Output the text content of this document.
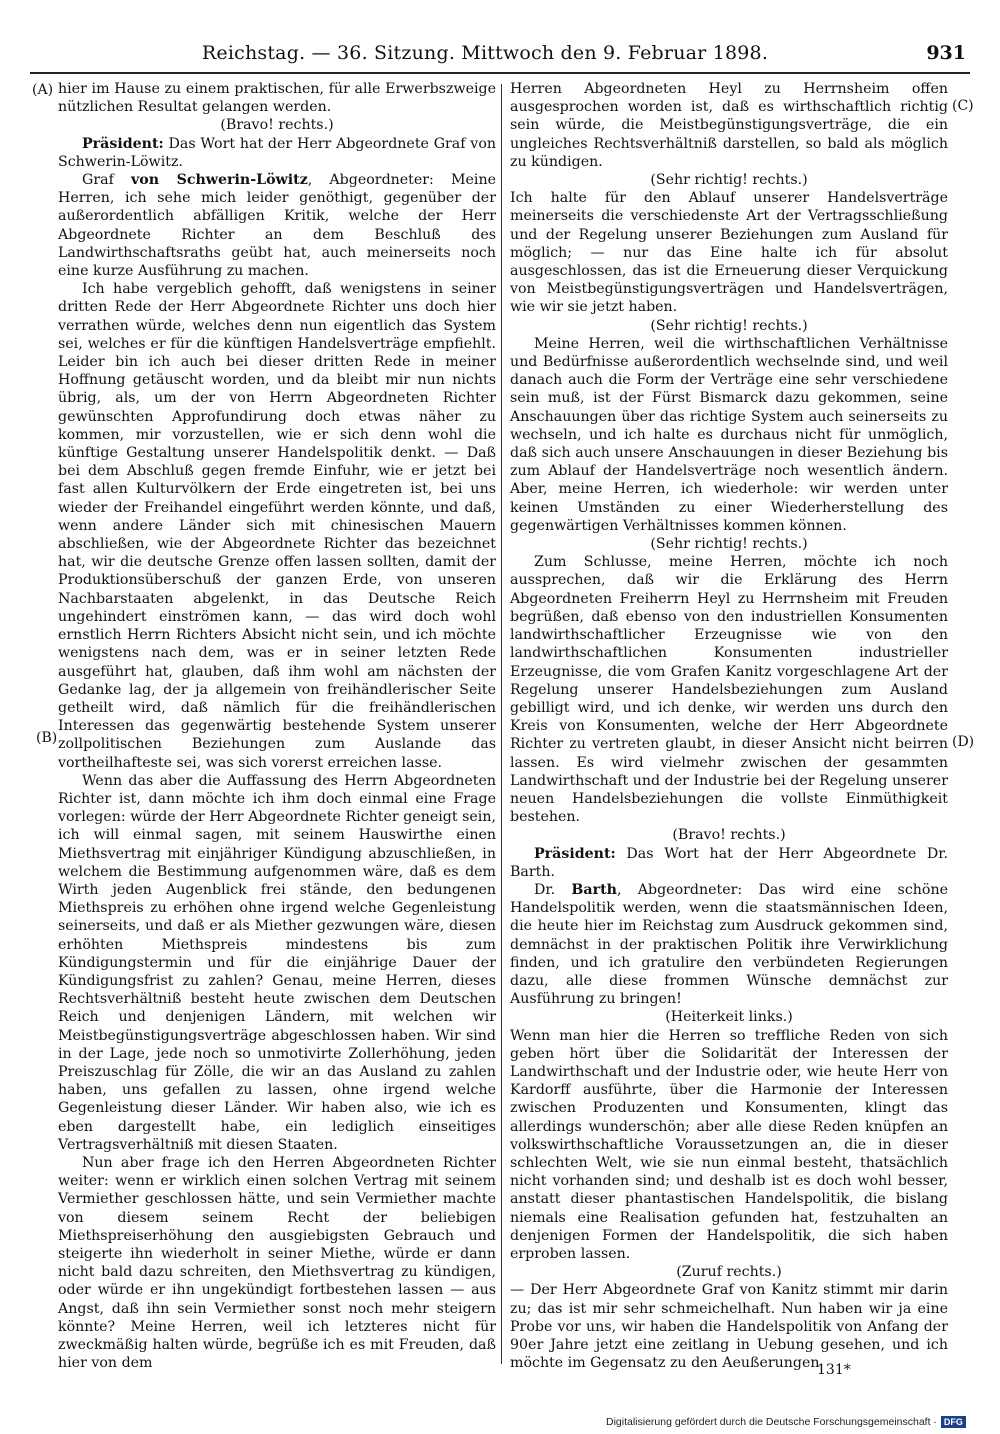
Reichstag. — 36. Sitzung. Mittwoch den 9. Februar 1898.	931
(A)
(B)
(C)
(D)

hier im Hause zu einem praktischen, für alle Erwerbszweige nützlichen Resultat gelangen werden.

(Bravo! rechts.)

Präsident: Das Wort hat der Herr Abgeordnete Graf von Schwerin-Löwitz.

Graf von Schwerin-Löwitz, Abgeordneter: Meine Herren, ich sehe mich leider genöthigt, gegenüber der außerordentlich abfälligen Kritik, welche der Herr Abgeordnete Richter an dem Beschluß des Landwirthschaftsraths geübt hat, auch meinerseits noch eine kurze Ausführung zu machen.

Ich habe vergeblich gehofft, daß wenigstens in seiner dritten Rede der Herr Abgeordnete Richter uns doch hier verrathen würde, welches denn nun eigentlich das System sei, welches er für die künftigen Handelsverträge empfiehlt. Leider bin ich auch bei dieser dritten Rede in meiner Hoffnung getäuscht worden, und da bleibt mir nun nichts übrig, als, um der von Herrn Abgeordneten Richter gewünschten Approfundirung doch etwas näher zu kommen, mir vorzustellen, wie er sich denn wohl die künftige Gestaltung unserer Handelspolitik denkt. — Daß bei dem Abschluß gegen fremde Einfuhr, wie er jetzt bei fast allen Kulturvölkern der Erde eingetreten ist, bei uns wieder der Freihandel eingeführt werden könnte, und daß, wenn andere Länder sich mit chinesischen Mauern abschließen, wie der Abgeordnete Richter das bezeichnet hat, wir die deutsche Grenze offen lassen sollten, damit der Produktionsüberschuß der ganzen Erde, von unseren Nachbarstaaten abgelenkt, in das Deutsche Reich ungehindert einströmen kann, — das wird doch wohl ernstlich Herrn Richters Absicht nicht sein, und ich möchte wenigstens nach dem, was er in seiner letzten Rede ausgeführt hat, glauben, daß ihm wohl am nächsten der Gedanke lag, der ja allgemein von freihändlerischer Seite getheilt wird, daß nämlich für die freihändlerischen Interessen das gegenwärtig bestehende System unserer zollpolitischen Beziehungen zum Auslande das vortheilhafteste sei, was sich vorerst erreichen lasse.

Wenn das aber die Auffassung des Herrn Abgeordneten Richter ist, dann möchte ich ihm doch einmal eine Frage vorlegen: würde der Herr Abgeordnete Richter geneigt sein, ich will einmal sagen, mit seinem Hauswirthe einen Miethsvertrag mit einjähriger Kündigung abzuschließen, in welchem die Bestimmung aufgenommen wäre, daß es dem Wirth jeden Augenblick frei stände, den bedungenen Miethspreis zu erhöhen ohne irgend welche Gegenleistung seinerseits, und daß er als Miether gezwungen wäre, diesen erhöhten Miethspreis mindestens bis zum Kündigungstermin und für die einjährige Dauer der Kündigungsfrist zu zahlen? Genau, meine Herren, dieses Rechtsverhältniß besteht heute zwischen dem Deutschen Reich und denjenigen Ländern, mit welchen wir Meistbegünstigungsverträge abgeschlossen haben. Wir sind in der Lage, jede noch so unmotivirte Zollerhöhung, jeden Preiszuschlag für Zölle, die wir an das Ausland zu zahlen haben, uns gefallen zu lassen, ohne irgend welche Gegenleistung dieser Länder. Wir haben also, wie ich es eben dargestellt habe, ein lediglich einseitiges Vertragsverhältniß mit diesen Staaten.

Nun aber frage ich den Herren Abgeordneten Richter weiter: wenn er wirklich einen solchen Vertrag mit seinem Vermiether geschlossen hätte, und sein Vermiether machte von diesem seinem Recht der beliebigen Miethspreiserhöhung den ausgiebigsten Gebrauch und steigerte ihn wiederholt in seiner Miethe, würde er dann nicht bald dazu schreiten, den Miethsvertrag zu kündigen, oder würde er ihn ungekündigt fortbestehen lassen — aus Angst, daß ihn sein Vermiether sonst noch mehr steigern könnte? Meine Herren, weil ich letzteres nicht für zweckmäßig halten würde, begrüße ich es mit Freuden, daß hier von dem

Herren Abgeordneten Heyl zu Herrnsheim offen ausgesprochen worden ist, daß es wirthschaftlich richtig sein würde, die Meistbegünstigungsverträge, die ein ungleiches Rechtsverhältniß darstellen, so bald als möglich zu kündigen.

(Sehr richtig! rechts.)

Ich halte für den Ablauf unserer Handelsverträge meinerseits die verschiedenste Art der Vertragsschließung und der Regelung unserer Beziehungen zum Ausland für möglich; — nur das Eine halte ich für absolut ausgeschlossen, das ist die Erneuerung dieser Verquickung von Meistbegünstigungsverträgen und Handelsverträgen, wie wir sie jetzt haben.

(Sehr richtig! rechts.)

Meine Herren, weil die wirthschaftlichen Verhältnisse und Bedürfnisse außerordentlich wechselnde sind, und weil danach auch die Form der Verträge eine sehr verschiedene sein muß, ist der Fürst Bismarck dazu gekommen, seine Anschauungen über das richtige System auch seinerseits zu wechseln, und ich halte es durchaus nicht für unmöglich, daß sich auch unsere Anschauungen in dieser Beziehung bis zum Ablauf der Handelsverträge noch wesentlich ändern. Aber, meine Herren, ich wiederhole: wir werden unter keinen Umständen zu einer Wiederherstellung des gegenwärtigen Verhältnisses kommen können.

(Sehr richtig! rechts.)

Zum Schlusse, meine Herren, möchte ich noch aussprechen, daß wir die Erklärung des Herrn Abgeordneten Freiherrn Heyl zu Herrnsheim mit Freuden begrüßen, daß ebenso von den industriellen Konsumenten landwirthschaftlicher Erzeugnisse wie von den landwirthschaftlichen Konsumenten industrieller Erzeugnisse, die vom Grafen Kanitz vorgeschlagene Art der Regelung unserer Handelsbeziehungen zum Ausland gebilligt wird, und ich denke, wir werden uns durch den Kreis von Konsumenten, welche der Herr Abgeordnete Richter zu vertreten glaubt, in dieser Ansicht nicht beirren lassen. Es wird vielmehr zwischen der gesammten Landwirthschaft und der Industrie bei der Regelung unserer neuen Handelsbeziehungen die vollste Einmüthigkeit bestehen.

(Bravo! rechts.)

Präsident: Das Wort hat der Herr Abgeordnete Dr. Barth.

Dr. Barth, Abgeordneter: Das wird eine schöne Handelspolitik werden, wenn die staatsmännischen Ideen, die heute hier im Reichstag zum Ausdruck gekommen sind, demnächst in der praktischen Politik ihre Verwirklichung finden, und ich gratulire den verbündeten Regierungen dazu, alle diese frommen Wünsche demnächst zur Ausführung zu bringen!

(Heiterkeit links.)

Wenn man hier die Herren so treffliche Reden von sich geben hört über die Solidarität der Interessen der Landwirthschaft und der Industrie oder, wie heute Herr von Kardorff ausführte, über die Harmonie der Interessen zwischen Produzenten und Konsumenten, klingt das allerdings wunderschön; aber alle diese Reden knüpfen an volkswirthschaftliche Voraussetzungen an, die in dieser schlechten Welt, wie sie nun einmal besteht, thatsächlich nicht vorhanden sind; und deshalb ist es doch wohl besser, anstatt dieser phantastischen Handelspolitik, die bislang niemals eine Realisation gefunden hat, festzuhalten an denjenigen Formen der Handelspolitik, die sich haben erproben lassen.

(Zuruf rechts.)

— Der Herr Abgeordnete Graf von Kanitz stimmt mir darin zu; das ist mir sehr schmeichelhaft. Nun haben wir ja eine Probe vor uns, wir haben die Handelspolitik von Anfang der 90er Jahre jetzt eine zeitlang in Uebung gesehen, und ich möchte im Gegensatz zu den Aeußerungen

131*
Digitalisierung gefördert durch die Deutsche Forschungsgemeinschaft · DFG
